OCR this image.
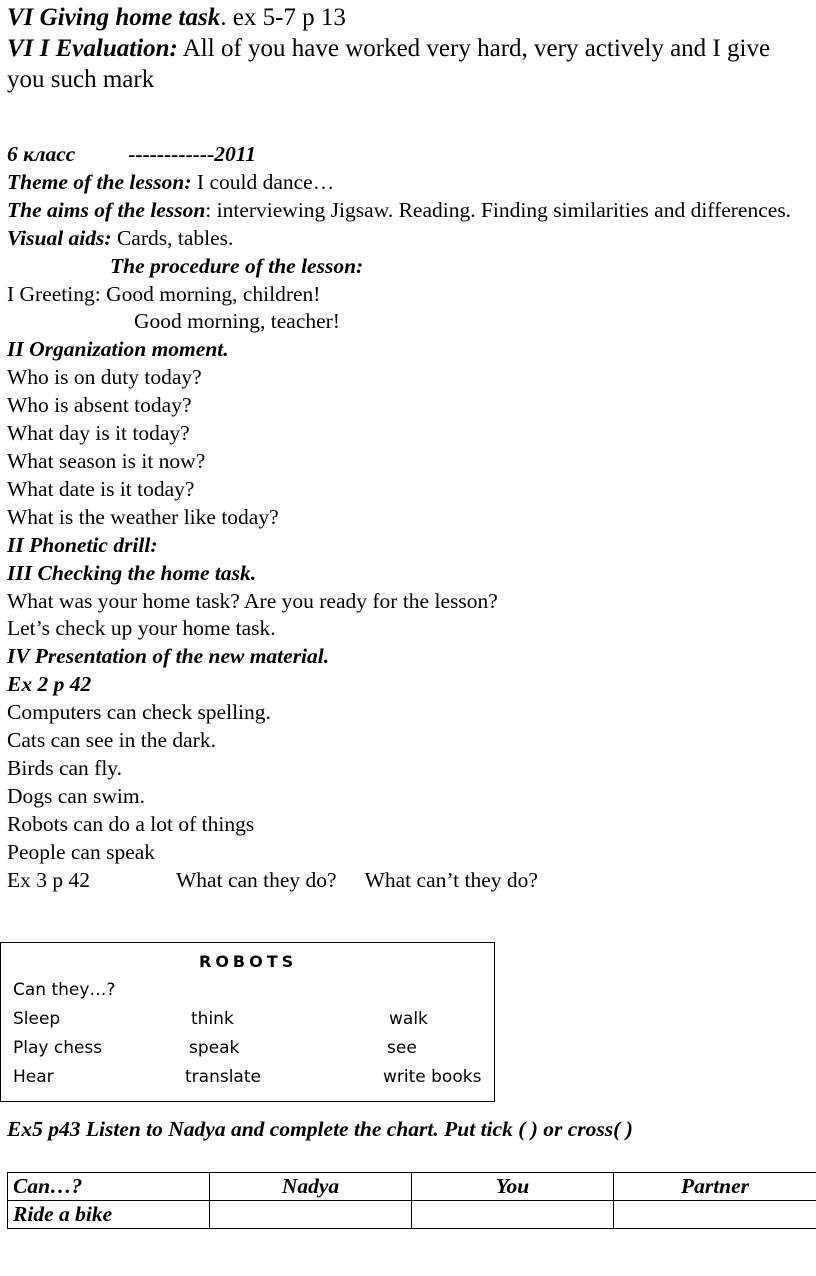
VI Giving home task. ex 5-7 p 13

VI I Evaluation: All of you have worked very hard, very actively and I give you such mark

6 класс ------------2011

Theme of the lesson: I could dance…

The aims of the lesson: interviewing Jigsaw. Reading. Finding similarities and differences.

Visual aids: Cards, tables.

The procedure of the lesson:

I Greeting: Good morning, children!

Good morning, teacher!

II Organization moment.

Who is on duty today?

Who is absent today?

What day is it today?

What season is it now?

What date is it today?

What is the weather like today?

II Phonetic drill:

III Checking the home task.

What was your home task? Are you ready for the lesson?

Let’s check up your home task.

IV Presentation of the new material.

Ex 2 p 42

Computers can check spelling.

Cats can see in the dark.

Birds can fly.

Dogs can swim.

Robots can do a lot of things

People can speak

Ex 3 p 42	What can they do? What can’t they do?

ROBOTS
Can they…?
Sleep	think	walk
Play chess	speak	see
Hear	translate	write books
Ex5 p43 Listen to Nadya and complete the chart. Put tick ( ) or cross( )
Can…?	Nadya	You	Partner
Ride a bike			
